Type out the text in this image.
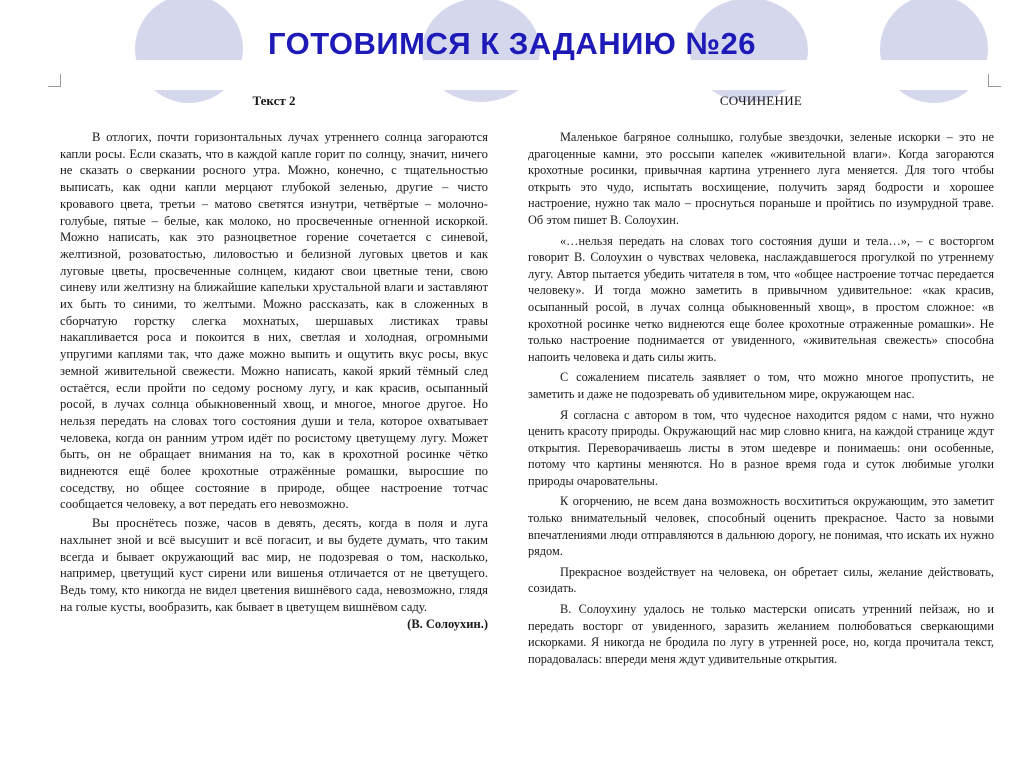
ГОТОВИМСЯ К ЗАДАНИЮ №26

Текст 2

В отлогих, почти горизонтальных лучах утреннего солнца загораются капли росы. Если сказать, что в каждой капле горит по солнцу, значит, ничего не сказать о сверкании росного утра. Можно, конечно, с тщательностью выписать, как одни капли мерцают глубокой зеленью, другие – чисто кровавого цвета, третьи – матово светятся изнутри, четвёртые – молочно-голубые, пятые – белые, как молоко, но просвеченные огненной искоркой. Можно написать, как это разноцветное горение сочетается с синевой, желтизной, розоватостью, лиловостью и белизной луговых цветов и как луговые цветы, просвеченные солнцем, кидают свои цветные тени, свою синеву или желтизну на ближайшие капельки хрустальной влаги и заставляют их быть то синими, то желтыми. Можно рассказать, как в сложенных в сборчатую горстку слегка мохнатых, шершавых листиках травы накапливается роса и покоится в них, светлая и холодная, огромными упругими каплями так, что даже можно выпить и ощутить вкус росы, вкус земной живительной свежести. Можно написать, какой яркий тёмный след остаётся, если пройти по седому росному лугу, и как красив, осыпанный росой, в лучах солнца обыкновенный хвощ, и многое, многое другое. Но нельзя передать на словах того состояния души и тела, которое охватывает человека, когда он ранним утром идёт по росистому цветущему лугу. Может быть, он не обращает внимания на то, как в крохотной росинке чётко виднеются ещё более крохотные отражённые ромашки, выросшие по соседству, но общее состояние в природе, общее настроение тотчас сообщается человеку, а вот передать его невозможно.

Вы проснётесь позже, часов в девять, десять, когда в поля и луга нахлынет зной и всё высушит и всё погасит, и вы будете думать, что таким всегда и бывает окружающий вас мир, не подозревая о том, насколько, например, цветущий куст сирени или вишенья отличается от не цветущего. Ведь тому, кто никогда не видел цветения вишнёвого сада, невозможно, глядя на голые кусты, вообразить, как бывает в цветущем вишнёвом саду.

(В. Солоухин.)

СОЧИНЕНИЕ

Маленькое багряное солнышко, голубые звездочки, зеленые искорки – это не драгоценные камни, это россыпи капелек «живительной влаги». Когда загораются крохотные росинки, привычная картина утреннего луга меняется. Для того чтобы открыть это чудо, испытать восхищение, получить заряд бодрости и хорошее настроение, нужно так мало – проснуться пораньше и пройтись по изумрудной траве. Об этом пишет В. Солоухин.

«…нельзя передать на словах того состояния души и тела…», – с восторгом говорит В. Солоухин о чувствах человека, наслаждавшегося прогулкой по утреннему лугу. Автор пытается убедить читателя в том, что «общее настроение тотчас передается человеку». И тогда можно заметить в привычном удивительное: «как красив, осыпанный росой, в лучах солнца обыкновенный хвощ», в простом сложное: «в крохотной росинке четко виднеются еще более крохотные отраженные ромашки». Не только настроение поднимается от увиденного, «живительная свежесть» способна напоить человека и дать силы жить.

С сожалением писатель заявляет о том, что можно многое пропустить, не заметить и даже не подозревать об удивительном мире, окружающем нас.

Я согласна с автором в том, что чудесное находится рядом с нами, что нужно ценить красоту природы. Окружающий нас мир словно книга, на каждой странице ждут открытия. Переворачиваешь листы в этом шедевре и понимаешь: они особенные, потому что картины меняются. Но в разное время года и суток любимые уголки природы очаровательны.

К огорчению, не всем дана возможность восхититься окружающим, это заметит только внимательный человек, способный оценить прекрасное. Часто за новыми впечатлениями люди отправляются в дальнюю дорогу, не понимая, что искать их нужно рядом.

Прекрасное воздействует на человека, он обретает силы, желание действовать, созидать.

В. Солоухину удалось не только мастерски описать утренний пейзаж, но и передать восторг от увиденного, заразить желанием полюбоваться сверкающими искорками. Я никогда не бродила по лугу в утренней росе, но, когда прочитала текст, порадовалась: впереди меня ждут удивительные открытия.
